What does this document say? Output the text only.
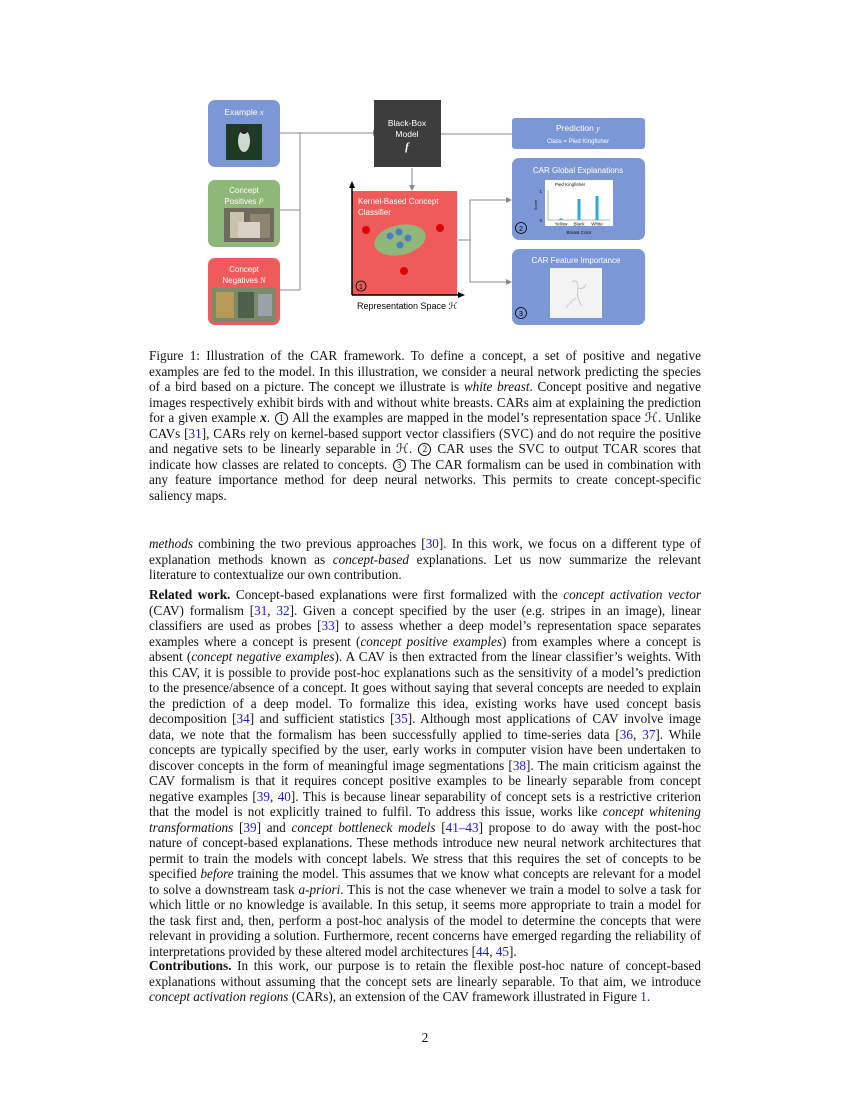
Example x
Concept
Positives P
Concept
Negatives N
Black-Box
Model
f
Kernel-Based Concept
Classifier
1
Representation Space ℋ
Prediction y
Class = Pied Kingfisher
CAR Global Explanations
Pied Kingfisher
1
0
Score
Yellow Black White
Breast Color
2
CAR Feature Importance
3
Figure 1: Illustration of the CAR framework. To define a concept, a set of positive and negative examples are fed to the model. In this illustration, we consider a neural network predicting the species of a bird based on a picture. The concept we illustrate is white breast. Concept positive and negative images respectively exhibit birds with and without white breasts. CARs aim at explaining the prediction for a given example x. 1 All the examples are mapped in the model’s representation space ℋ. Unlike CAVs [31], CARs rely on kernel-based support vector classifiers (SVC) and do not require the positive and negative sets to be linearly separable in ℋ. 2 CAR uses the SVC to output TCAR scores that indicate how classes are related to concepts. 3 The CAR formalism can be used in combination with any feature importance method for deep neural networks. This permits to create concept-specific saliency maps.
methods combining the two previous approaches [30]. In this work, we focus on a different type of explanation methods known as concept-based explanations. Let us now summarize the relevant literature to contextualize our own contribution.
Related work. Concept-based explanations were first formalized with the concept activation vector (CAV) formalism [31, 32]. Given a concept specified by the user (e.g. stripes in an image), linear classifiers are used as probes [33] to assess whether a deep model’s representation space separates examples where a concept is present (concept positive examples) from examples where a concept is absent (concept negative examples). A CAV is then extracted from the linear classifier’s weights. With this CAV, it is possible to provide post-hoc explanations such as the sensitivity of a model’s prediction to the presence/absence of a concept. It goes without saying that several concepts are needed to explain the prediction of a deep model. To formalize this idea, existing works have used concept basis decomposition [34] and sufficient statistics [35]. Although most applications of CAV involve image data, we note that the formalism has been successfully applied to time-series data [36, 37]. While concepts are typically specified by the user, early works in computer vision have been undertaken to discover concepts in the form of meaningful image segmentations [38]. The main criticism against the CAV formalism is that it requires concept positive examples to be linearly separable from concept negative examples [39, 40]. This is because linear separability of concept sets is a restrictive criterion that the model is not explicitly trained to fulfil. To address this issue, works like concept whitening transformations [39] and concept bottleneck models [41–43] propose to do away with the post-hoc nature of concept-based explanations. These methods introduce new neural network architectures that permit to train the models with concept labels. We stress that this requires the set of concepts to be specified before training the model. This assumes that we know what concepts are relevant for a model to solve a downstream task a-priori. This is not the case whenever we train a model to solve a task for which little or no knowledge is available. In this setup, it seems more appropriate to train a model for the task first and, then, perform a post-hoc analysis of the model to determine the concepts that were relevant in providing a solution. Furthermore, recent concerns have emerged regarding the reliability of interpretations provided by these altered model architectures [44, 45].
Contributions. In this work, our purpose is to retain the flexible post-hoc nature of concept-based explanations without assuming that the concept sets are linearly separable. To that aim, we introduce concept activation regions (CARs), an extension of the CAV framework illustrated in Figure 1.
2
